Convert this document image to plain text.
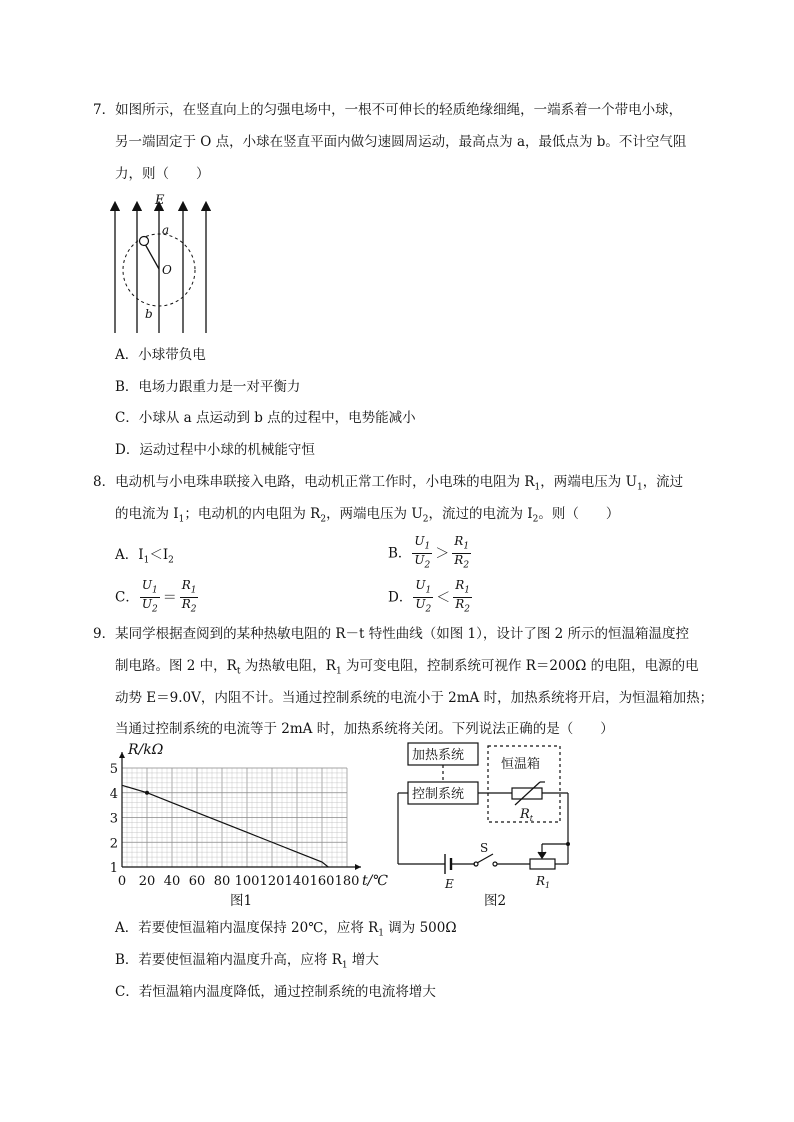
7．如图所示，在竖直向上的匀强电场中，一根不可伸长的轻质绝缘细绳，一端系着一个带电小球，
另一端固定于 O 点，小球在竖直平面内做匀速圆周运动，最高点为 a，最低点为 b。不计空气阻
力，则（　　）
E
a
O
b
A．小球带负电
B．电场力跟重力是一对平衡力
C．小球从 a 点运动到 b 点的过程中，电势能减小
D．运动过程中小球的机械能守恒
8．电动机与小电珠串联接入电路，电动机正常工作时，小电珠的电阻为 $R_1$，两端电压为 $U_1$，流过
的电流为 $I_1$；电动机的内电阻为 $R_2$，两端电压为 $U_2$，流过的电流为 $I_2$。则（　　）
A．$I_1<I_2$	B． $\frac{U_1}{U_2} > \frac{R_1}{R_2}$
C． $\frac{U_1}{U_2} = \frac{R_1}{R_2}$	D． $\frac{U_1}{U_2} < \frac{R_1}{R_2}$
9．某同学根据查阅到的某种热敏电阻的 R－t 特性曲线（如图 1），设计了图 2 所示的恒温箱温度控
制电路。图 2 中，$R_t$ 为热敏电阻，$R_1$ 为可变电阻，控制系统可视作 R＝200Ω 的电阻，电源的电
动势 E＝9.0V，内阻不计。当通过控制系统的电流小于 2mA 时，加热系统将开启，为恒温箱加热；
当通过控制系统的电流等于 2mA 时，加热系统将关闭。下列说法正确的是（　　）
0 20 40 60 80 100 120 140 160 180
1
2
3
4
5
R/kΩ
t/℃
图1
加热系统
控制系统
恒温箱
$R_t$
S
E	$R_1$
图2
A．若要使恒温箱内温度保持 20℃，应将 $R_1$ 调为 500Ω
B．若要使恒温箱内温度升高，应将 $R_1$ 增大
C．若恒温箱内温度降低，通过控制系统的电流将增大
